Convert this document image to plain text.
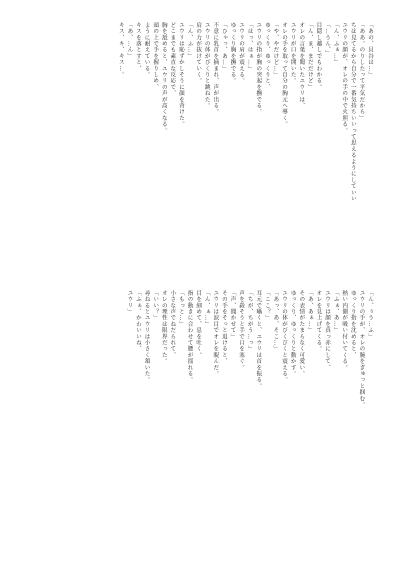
「あの、貝谷は…」
「ああ。のりしたって平気だから」
ちは見てるから自分で一番気持ちいいって思えるようにしていい
ユウリの顔が、オレの手の中で火照る。
「ん、ふぁ…」
「…うん、」
目隠し越しでもわかる。
「ん、ま、まだだけど」
オレの言葉を聞いたユウリは、
ユウリが口を開いた。
オレの手を取って自分の胸元へ導く。
「や、やだけど…」
ゆっくり、ゆっくりと、
ユウリの指が胸の突起を撫でる。
「はっ、はぁ…」
ユウリの肩が震える。
ゆっくり胸を撫でる。
「ひゃっ、あ…」
不意に乳首を摘まれ、声が出る。
ユウリの体がぴくりと跳ねた。
肩の力が抜けていく。
「ん、ふ…」
ユウリは恥ずかしそうに顔を背けた。
どこまでも素直な反応で、
胸を舐めると、ユウリの声が高くなる。
頭の上で手を握りしめ、
ように耐えている。
キスを落とすと、
「あ、…ん」
キス、キ、キス…。
「ん、ぅう…ふ」
ユウリの手が、オレの腕をぎゅっと掴む。
ゆっくり指を沈めると、
熱い内側が吸い付いてくる。
「ふぁ、あ…」
ユウリは顔を真っ赤にして、
オレを見上げてくる。
「あ、あぁ…」
その表情がたまらなく可愛い。
ゆっくり、ゆっくりと動かす。
ユウリの体がびくびくと震える。
「あっ、あ、そこ…」
「ここ？」
耳元で囁くと、ユウリは首を振る。
「ちが、ちがう…っ」
声を殺そうと手で口を塞ぐ。
「声、聞かせて」
その手をそっと退けると、
ユウリは涙目でオレを睨んだ。
「ん、ぁ…」
目を細めて、息を吐く。
指の動きに合わせて腰が揺れる。
「もっと…」
小さな声でねだられて、
オレの理性は限界だった。
「いい？」
尋ねるとユウリは小さく頷いた。
「ふぁ、かわいいね、
ユウリ」
